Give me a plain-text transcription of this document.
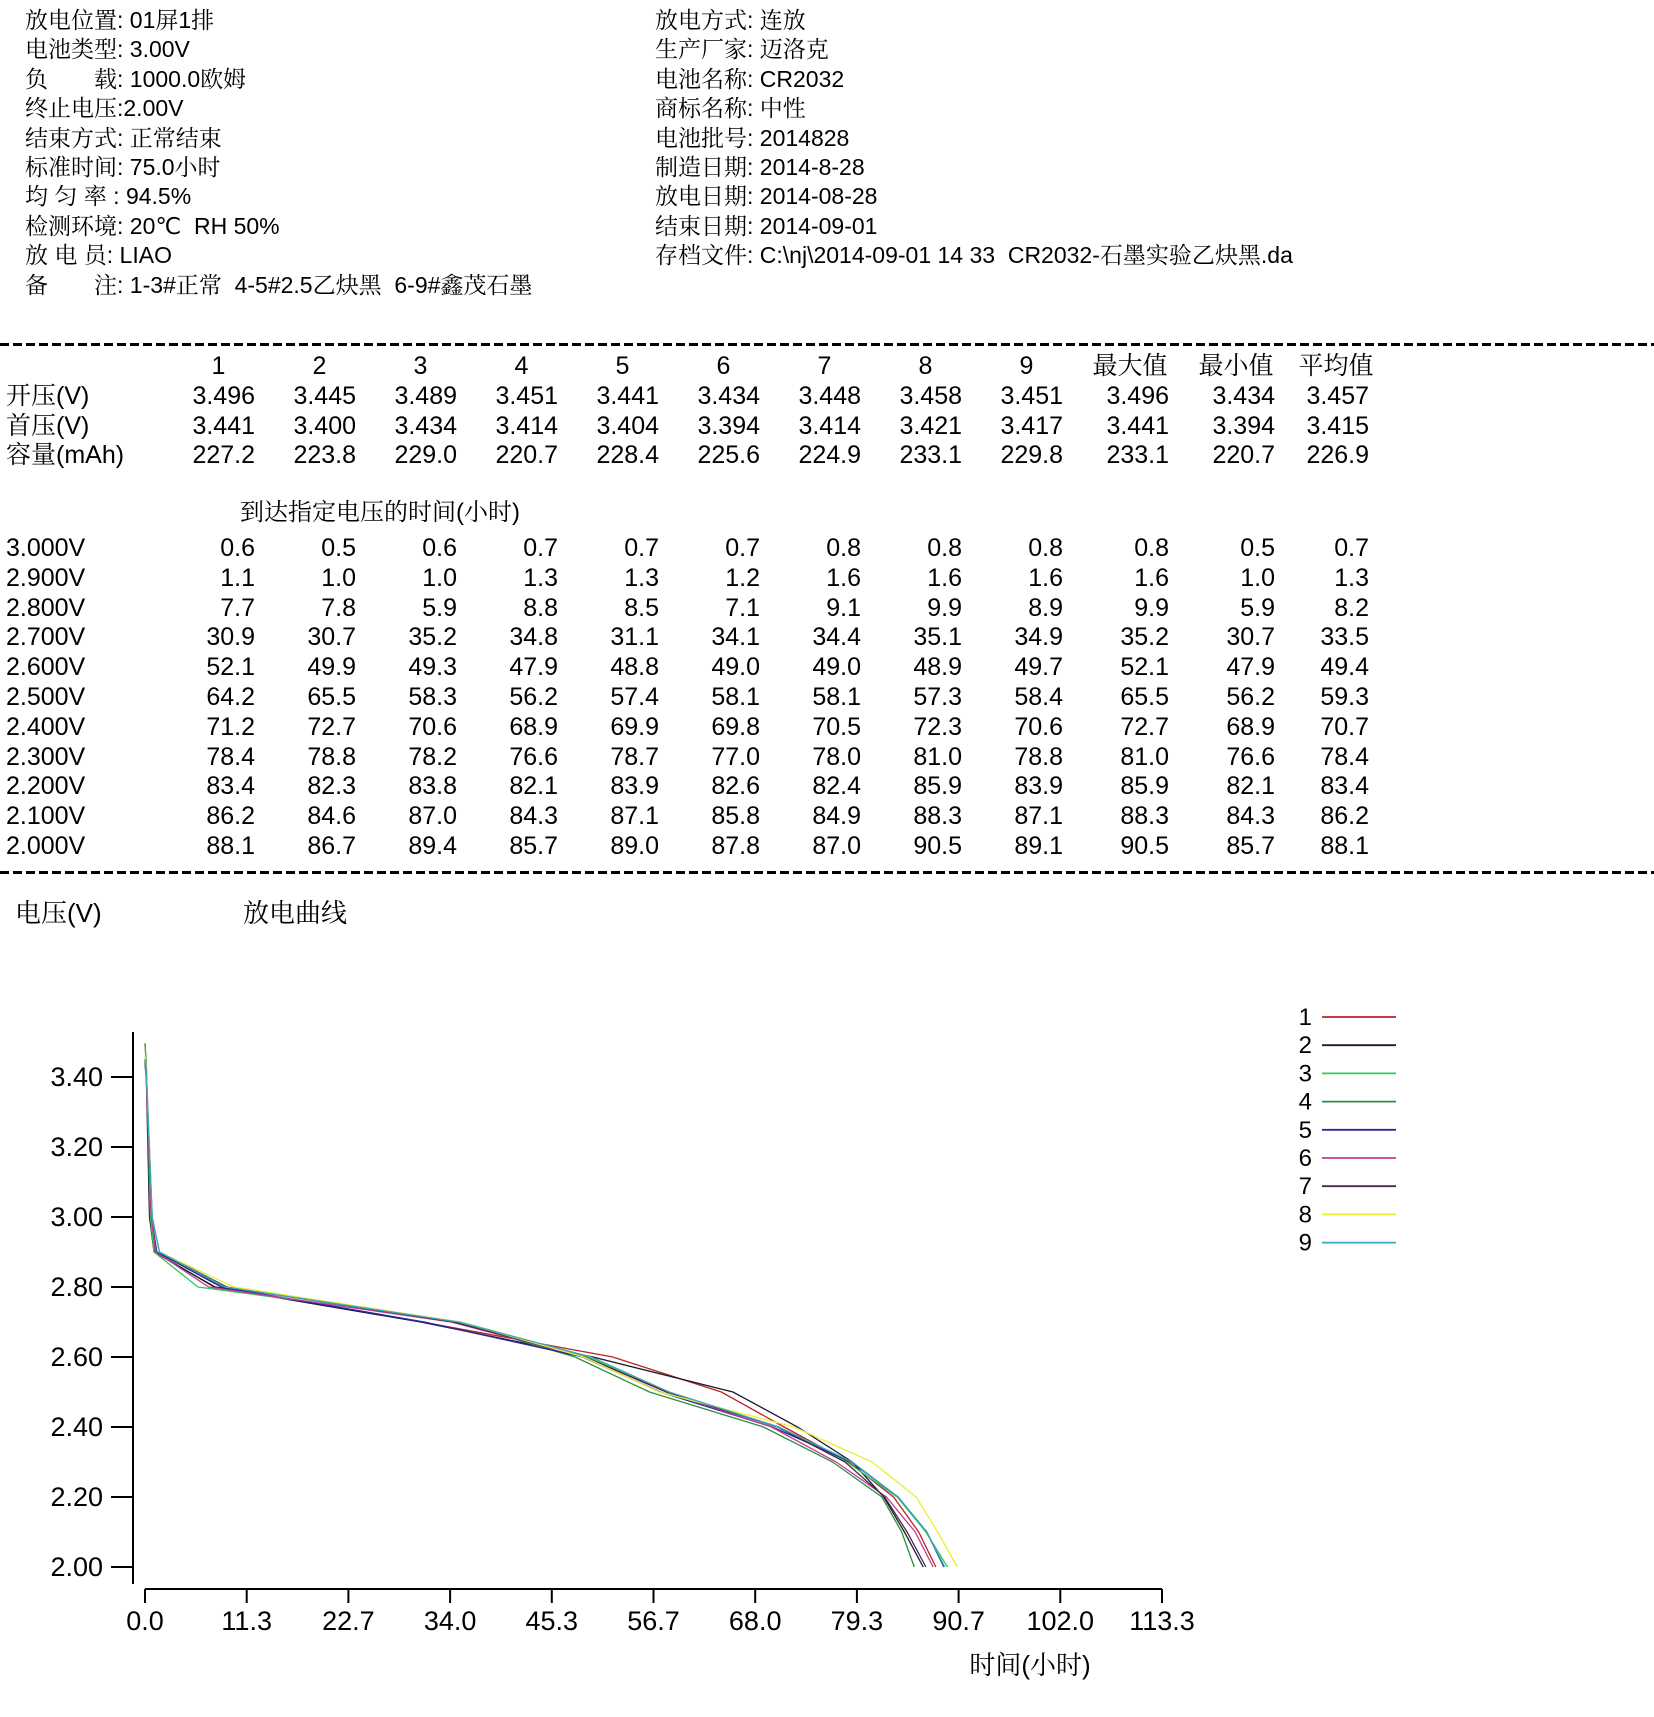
放电位置: 01屏1排
电池类型: 3.00V
负　　载: 1000.0欧姆
终止电压:2.00V
结束方式: 正常结束
标准时间: 75.0小时
均 匀 率 : 94.5%
检测环境: 20℃  RH 50%
放 电 员: LIAO
备　　注: 1-3#正常  4-5#2.5乙炔黑  6-9#鑫茂石墨
放电方式: 连放
生产厂家: 迈洛克
电池名称: CR2032
商标名称: 中性
电池批号: 2014828
制造日期: 2014-8-28
放电日期: 2014-08-28
结束日期: 2014-09-01
存档文件: C:\nj\2014-09-01 14 33  CR2032-石墨实验乙炔黑.da
1	2	3	4	5	6	7	8	9	最大值	最小值 平均值
开压(V)	3.496	3.445	3.489	3.451	3.441	3.434	3.448	3.458	3.451	3.496	3.434	3.457
首压(V)	3.441	3.400	3.434	3.414	3.404	3.394	3.414	3.421	3.417	3.441	3.394	3.415
容量(mAh)	227.2	223.8	229.0	220.7	228.4	225.6	224.9	233.1	229.8	233.1	220.7	226.9
到达指定电压的时间(小时)
3.000V	0.6	0.5	0.6	0.7	0.7	0.7	0.8	0.8	0.8	0.8	0.5	0.7
2.900V	1.1	1.0	1.0	1.3	1.3	1.2	1.6	1.6	1.6	1.6	1.0	1.3
2.800V	7.7	7.8	5.9	8.8	8.5	7.1	9.1	9.9	8.9	9.9	5.9	8.2
2.700V	30.9	30.7	35.2	34.8	31.1	34.1	34.4	35.1	34.9	35.2	30.7	33.5
2.600V	52.1	49.9	49.3	47.9	48.8	49.0	49.0	48.9	49.7	52.1	47.9	49.4
2.500V	64.2	65.5	58.3	56.2	57.4	58.1	58.1	57.3	58.4	65.5	56.2	59.3
2.400V	71.2	72.7	70.6	68.9	69.9	69.8	70.5	72.3	70.6	72.7	68.9	70.7
2.300V	78.4	78.8	78.2	76.6	78.7	77.0	78.0	81.0	78.8	81.0	76.6	78.4
2.200V	83.4	82.3	83.8	82.1	83.9	82.6	82.4	85.9	83.9	85.9	82.1	83.4
2.100V	86.2	84.6	87.0	84.3	87.1	85.8	84.9	88.3	87.1	88.3	84.3	86.2
2.000V	88.1	86.7	89.4	85.7	89.0	87.8	87.0	90.5	89.1	90.5	85.7	88.1
电压(V)	放电曲线
时间(小时)
3.40
3.20
3.00
2.80
2.60
2.40
2.20
2.00
0.0 11.3 22.7 34.0 45.3 56.7 68.0 79.3 90.7 102.0 113.3
1
2
3
4
5
6
7
8
9
